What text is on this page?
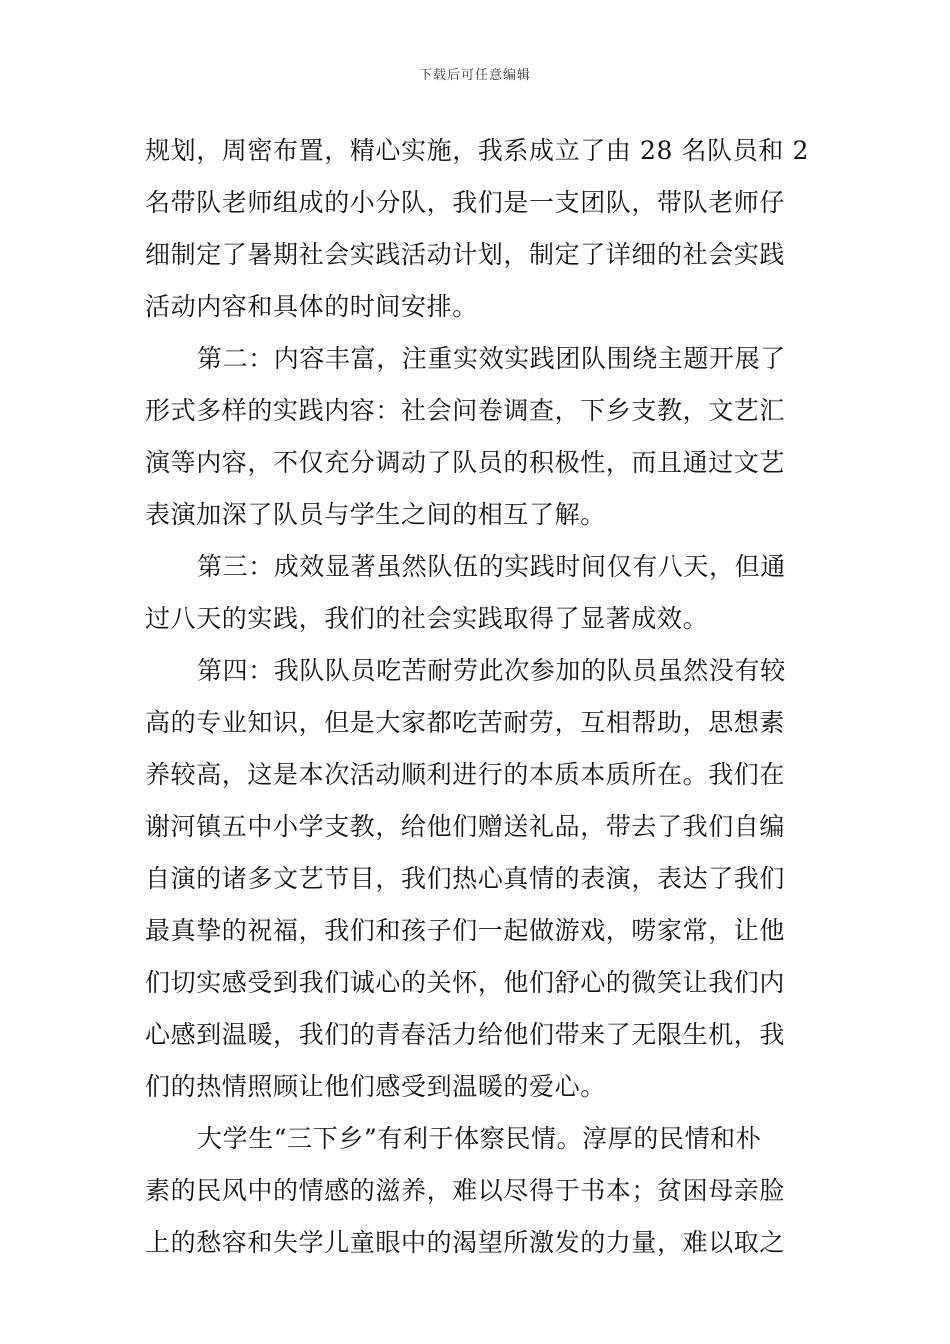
下载后可任意编辑
规划，周密布置，精心实施，我系成立了由 28 名队员和 2
名带队老师组成的小分队，我们是一支团队，带队老师仔
细制定了暑期社会实践活动计划，制定了详细的社会实践
活动内容和具体的时间安排。
第二：内容丰富，注重实效实践团队围绕主题开展了
形式多样的实践内容：社会问卷调查，下乡支教，文艺汇
演等内容，不仅充分调动了队员的积极性，而且通过文艺
表演加深了队员与学生之间的相互了解。
第三：成效显著虽然队伍的实践时间仅有八天，但通
过八天的实践，我们的社会实践取得了显著成效。
第四：我队队员吃苦耐劳此次参加的队员虽然没有较
高的专业知识，但是大家都吃苦耐劳，互相帮助，思想素
养较高，这是本次活动顺利进行的本质本质所在。我们在
谢河镇五中小学支教，给他们赠送礼品，带去了我们自编
自演的诸多文艺节目，我们热心真情的表演，表达了我们
最真挚的祝福，我们和孩子们一起做游戏，唠家常，让他
们切实感受到我们诚心的关怀，他们舒心的微笑让我们内
心感到温暖，我们的青春活力给他们带来了无限生机，我
们的热情照顾让他们感受到温暖的爱心。
大学生“三下乡”有利于体察民情。淳厚的民情和朴
素的民风中的情感的滋养，难以尽得于书本；贫困母亲脸
上的愁容和失学儿童眼中的渴望所激发的力量，难以取之
